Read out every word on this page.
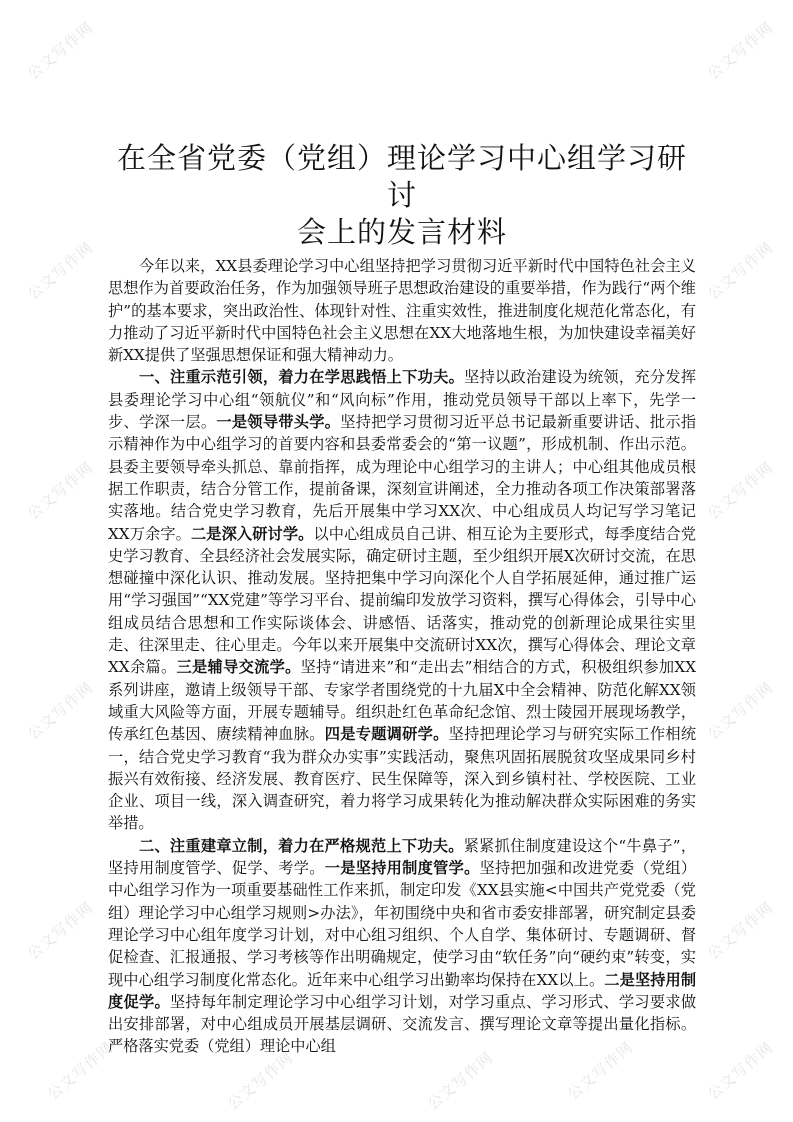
公文写作网
公文写作网
公文写作网
公文写作网
公文写作网
公文写作网
公文写作网
公文写作网
公文写作网
公文写作网
公文写作网
公文写作网	公文写作网	公文写作网	公文写作网
在全省党委（党组）理论学习中心组学习研讨
会上的发言材料

今年以来，XX县委理论学习中心组坚持把学习贯彻习近平新时代中国特色社会主义思想作为首要政治任务，作为加强领导班子思想政治建设的重要举措，作为践行“两个维护”的基本要求，突出政治性、体现针对性、注重实效性，推进制度化规范化常态化，有力推动了习近平新时代中国特色社会主义思想在XX大地落地生根，为加快建设幸福美好新XX提供了坚强思想保证和强大精神动力。

一、注重示范引领，着力在学思践悟上下功夫。坚持以政治建设为统领，充分发挥县委理论学习中心组“领航仪”和“风向标”作用，推动党员领导干部以上率下，先学一步、学深一层。一是领导带头学。坚持把学习贯彻习近平总书记最新重要讲话、批示指示精神作为中心组学习的首要内容和县委常委会的“第一议题”，形成机制、作出示范。县委主要领导牵头抓总、靠前指挥，成为理论中心组学习的主讲人；中心组其他成员根据工作职责，结合分管工作，提前备课，深刻宣讲阐述，全力推动各项工作决策部署落实落地。结合党史学习教育，先后开展集中学习XX次、中心组成员人均记写学习笔记XX万余字。二是深入研讨学。以中心组成员自己讲、相互论为主要形式，每季度结合党史学习教育、全县经济社会发展实际，确定研讨主题，至少组织开展X次研讨交流，在思想碰撞中深化认识、推动发展。坚持把集中学习向深化个人自学拓展延伸，通过推广运用“学习强国”“XX党建”等学习平台、提前编印发放学习资料，撰写心得体会，引导中心组成员结合思想和工作实际谈体会、讲感悟、话落实，推动党的创新理论成果往实里走、往深里走、往心里走。今年以来开展集中交流研讨XX次，撰写心得体会、理论文章XX余篇。三是辅导交流学。坚持“请进来”和“走出去”相结合的方式，积极组织参加XX系列讲座，邀请上级领导干部、专家学者围绕党的十九届X中全会精神、防范化解XX领域重大风险等方面，开展专题辅导。组织赴红色革命纪念馆、烈士陵园开展现场教学，传承红色基因、赓续精神血脉。四是专题调研学。坚持把理论学习与研究实际工作相统一，结合党史学习教育“我为群众办实事”实践活动，聚焦巩固拓展脱贫攻坚成果同乡村振兴有效衔接、经济发展、教育医疗、民生保障等，深入到乡镇村社、学校医院、工业企业、项目一线，深入调查研究，着力将学习成果转化为推动解决群众实际困难的务实举措。

二、注重建章立制，着力在严格规范上下功夫。紧紧抓住制度建设这个“牛鼻子”，坚持用制度管学、促学、考学。一是坚持用制度管学。坚持把加强和改进党委（党组）中心组学习作为一项重要基础性工作来抓，制定印发《XX县实施<中国共产党党委（党组）理论学习中心组学习规则>办法》，年初围绕中央和省市委安排部署，研究制定县委理论学习中心组年度学习计划，对中心组习组织、个人自学、集体研讨、专题调研、督促检查、汇报通报、学习考核等作出明确规定，使学习由“软任务”向“硬约束”转变，实现中心组学习制度化常态化。近年来中心组学习出勤率均保持在XX以上。二是坚持用制度促学。坚持每年制定理论学习中心组学习计划，对学习重点、学习形式、学习要求做出安排部署，对中心组成员开展基层调研、交流发言、撰写理论文章等提出量化指标。严格落实党委（党组）理论中心组
